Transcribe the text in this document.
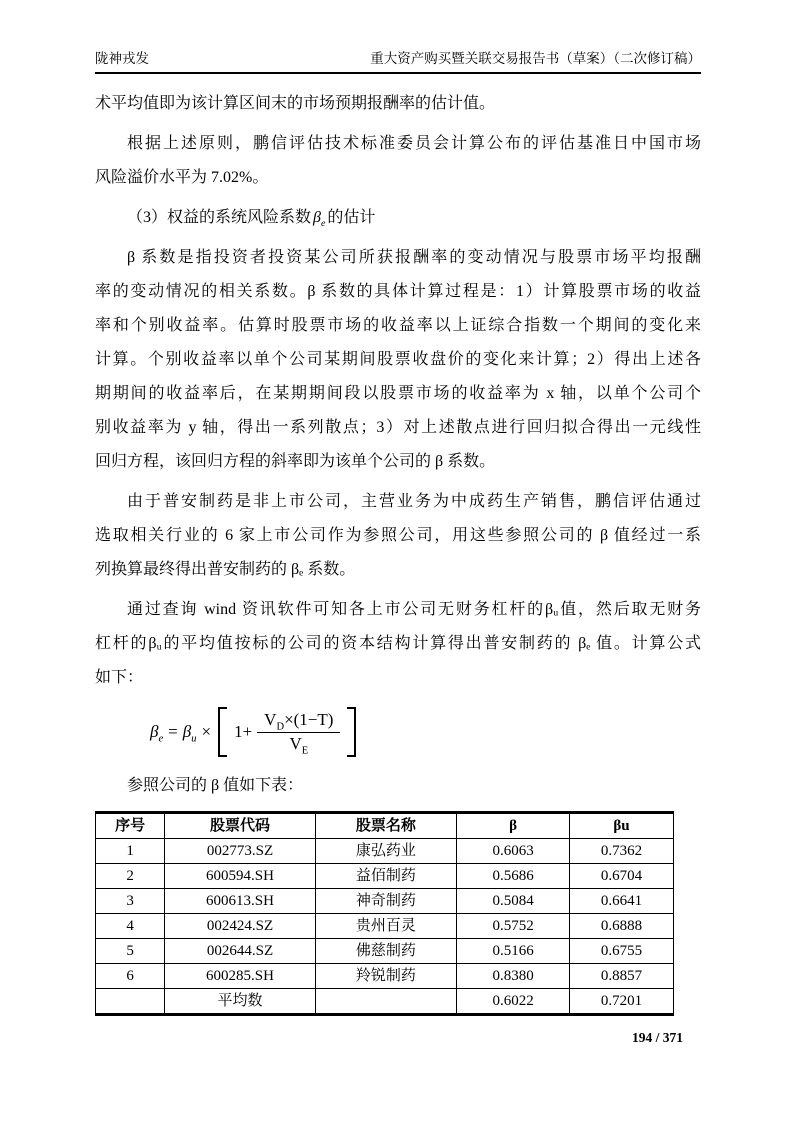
陇神戎发	重大资产购买暨关联交易报告书（草案）（二次修订稿）
术平均值即为该计算区间末的市场预期报酬率的估计值。
根据上述原则，鹏信评估技术标准委员会计算公布的评估基准日中国市场
风险溢价水平为 7.02%。
（3）权益的系统风险系数 $\beta_e$ 的估计
β 系数是指投资者投资某公司所获报酬率的变动情况与股票市场平均报酬
率的变动情况的相关系数。β 系数的具体计算过程是：1）计算股票市场的收益
率和个别收益率。估算时股票市场的收益率以上证综合指数一个期间的变化来
计算。个别收益率以单个公司某期间股票收盘价的变化来计算；2）得出上述各
期期间的收益率后，在某期期间段以股票市场的收益率为 x 轴，以单个公司个
别收益率为 y 轴，得出一系列散点；3）对上述散点进行回归拟合得出一元线性
回归方程，该回归方程的斜率即为该单个公司的 β 系数。
由于普安制药是非上市公司，主营业务为中成药生产销售，鹏信评估通过
选取相关行业的 6 家上市公司作为参照公司，用这些参照公司的 β 值经过一系
列换算最终得出普安制药的 βₑ 系数。
通过查询 wind 资讯软件可知各上市公司无财务杠杆的βᵤ值，然后取无财务
杠杆的βᵤ的平均值按标的公司的资本结构计算得出普安制药的 βₑ 值。计算公式
如下：
$\beta_e = \beta_u \times 1+ \frac{V_D\times(1-T)}{V_E}$
参照公司的 β 值如下表：
序号	股票代码	股票名称	β	βu
1	002773.SZ	康弘药业	0.6063	0.7362
2	600594.SH	益佰制药	0.5686	0.6704
3	600613.SH	神奇制药	0.5084	0.6641
4	002424.SZ	贵州百灵	0.5752	0.6888
5	002644.SZ	佛慈制药	0.5166	0.6755
6	600285.SH	羚锐制药	0.8380	0.8857
	平均数		0.6022	0.7201
194 / 371
